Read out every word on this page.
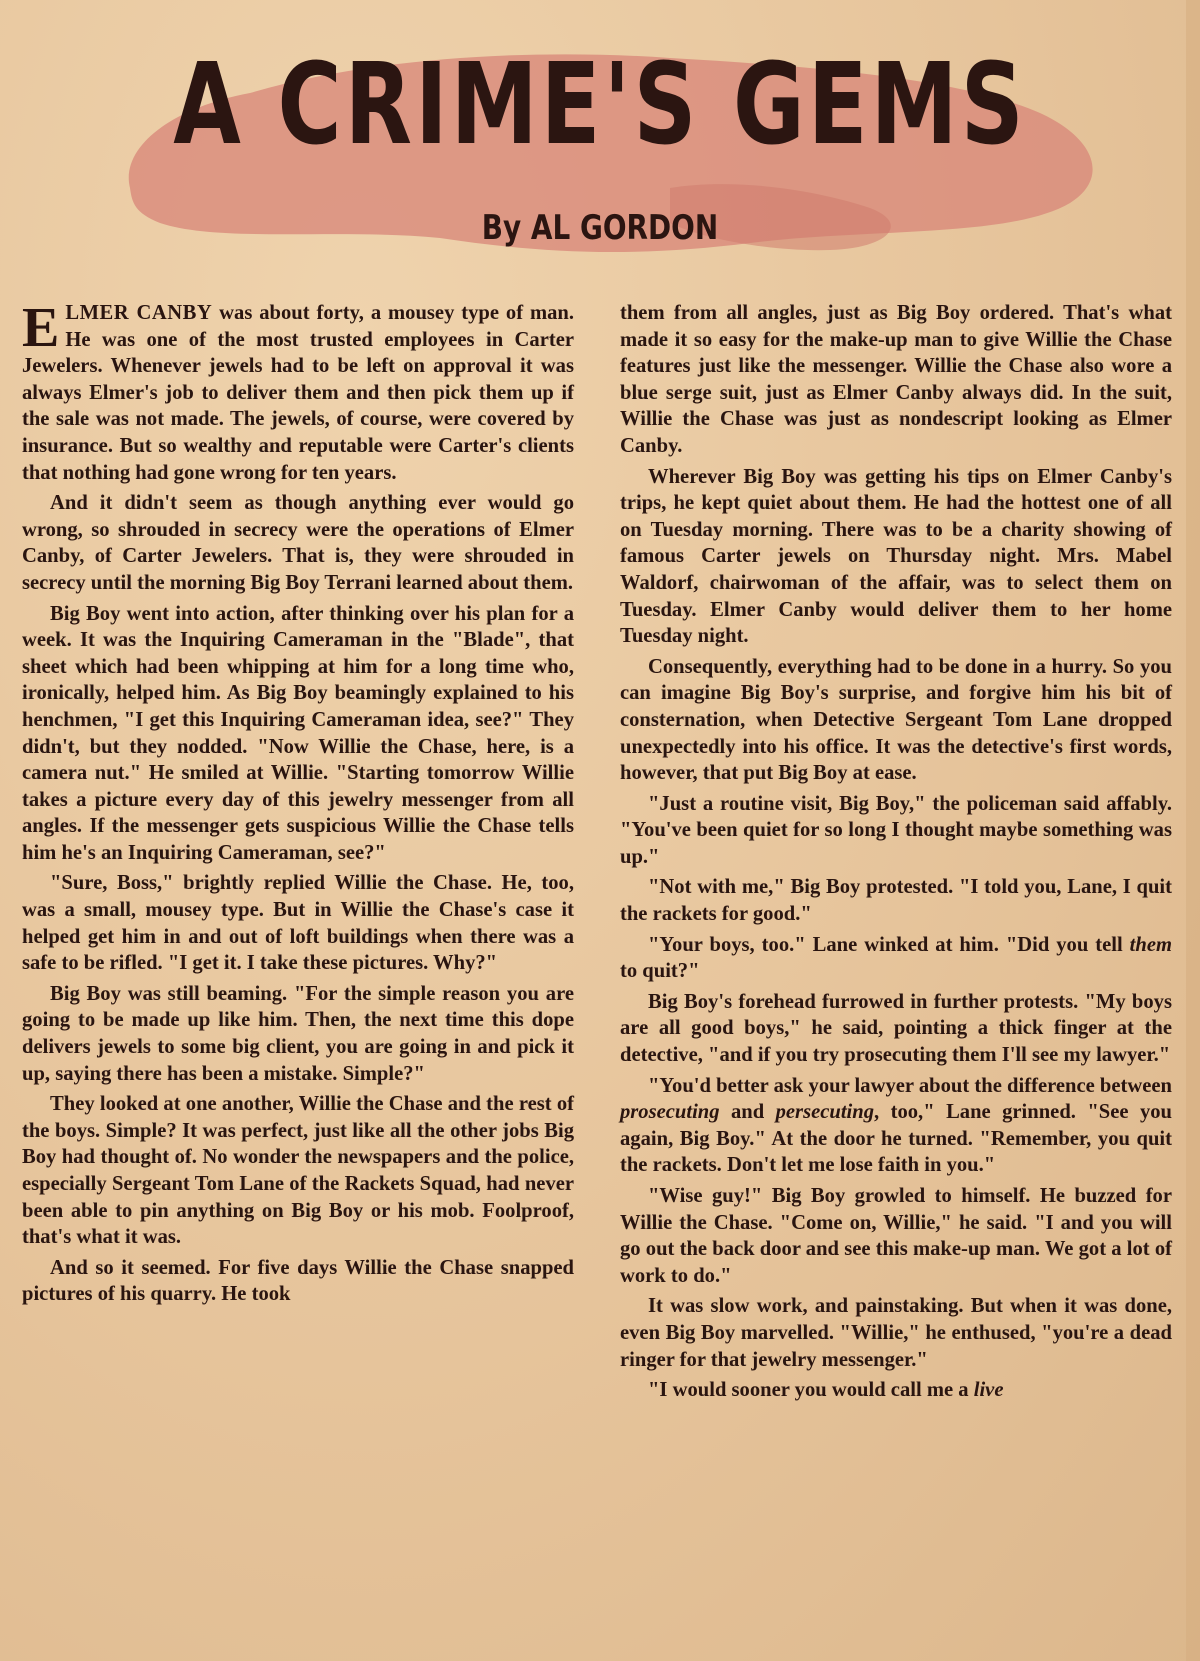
A CRIME'S GEMS
By AL GORDON

ELMER CANBY was about forty, a mousey type of man. He was one of the most trusted employees in Carter Jewelers. Whenever jewels had to be left on approval it was always Elmer's job to deliver them and then pick them up if the sale was not made. The jewels, of course, were covered by insurance. But so wealthy and reputable were Carter's clients that nothing had gone wrong for ten years.

And it didn't seem as though anything ever would go wrong, so shrouded in secrecy were the operations of Elmer Canby, of Carter Jewelers. That is, they were shrouded in secrecy until the morning Big Boy Terrani learned about them.

Big Boy went into action, after thinking over his plan for a week. It was the Inquiring Cameraman in the "Blade", that sheet which had been whipping at him for a long time who, ironically, helped him. As Big Boy beamingly explained to his henchmen, "I get this Inquiring Cameraman idea, see?" They didn't, but they nodded. "Now Willie the Chase, here, is a camera nut." He smiled at Willie. "Starting tomorrow Willie takes a picture every day of this jewelry messenger from all angles. If the messenger gets suspicious Willie the Chase tells him he's an Inquiring Cameraman, see?"

"Sure, Boss," brightly replied Willie the Chase. He, too, was a small, mousey type. But in Willie the Chase's case it helped get him in and out of loft buildings when there was a safe to be rifled. "I get it. I take these pictures. Why?"

Big Boy was still beaming. "For the simple reason you are going to be made up like him. Then, the next time this dope delivers jewels to some big client, you are going in and pick it up, saying there has been a mistake. Simple?"

They looked at one another, Willie the Chase and the rest of the boys. Simple? It was perfect, just like all the other jobs Big Boy had thought of. No wonder the newspapers and the police, especially Sergeant Tom Lane of the Rackets Squad, had never been able to pin anything on Big Boy or his mob. Foolproof, that's what it was.

And so it seemed. For five days Willie the Chase snapped pictures of his quarry. He took

them from all angles, just as Big Boy ordered. That's what made it so easy for the make-up man to give Willie the Chase features just like the messenger. Willie the Chase also wore a blue serge suit, just as Elmer Canby always did. In the suit, Willie the Chase was just as nondescript looking as Elmer Canby.

Wherever Big Boy was getting his tips on Elmer Canby's trips, he kept quiet about them. He had the hottest one of all on Tuesday morning. There was to be a charity showing of famous Carter jewels on Thursday night. Mrs. Mabel Waldorf, chairwoman of the affair, was to select them on Tuesday. Elmer Canby would deliver them to her home Tuesday night.

Consequently, everything had to be done in a hurry. So you can imagine Big Boy's surprise, and forgive him his bit of consternation, when Detective Sergeant Tom Lane dropped unexpectedly into his office. It was the detective's first words, however, that put Big Boy at ease.

"Just a routine visit, Big Boy," the policeman said affably. "You've been quiet for so long I thought maybe something was up."

"Not with me," Big Boy protested. "I told you, Lane, I quit the rackets for good."

"Your boys, too." Lane winked at him. "Did you tell them to quit?"

Big Boy's forehead furrowed in further protests. "My boys are all good boys," he said, pointing a thick finger at the detective, "and if you try prosecuting them I'll see my lawyer."

"You'd better ask your lawyer about the difference between prosecuting and persecuting, too," Lane grinned. "See you again, Big Boy." At the door he turned. "Remember, you quit the rackets. Don't let me lose faith in you."

"Wise guy!" Big Boy growled to himself. He buzzed for Willie the Chase. "Come on, Willie," he said. "I and you will go out the back door and see this make-up man. We got a lot of work to do."

It was slow work, and painstaking. But when it was done, even Big Boy marvelled. "Willie," he enthused, "you're a dead ringer for that jewelry messenger."

"I would sooner you would call me a live
